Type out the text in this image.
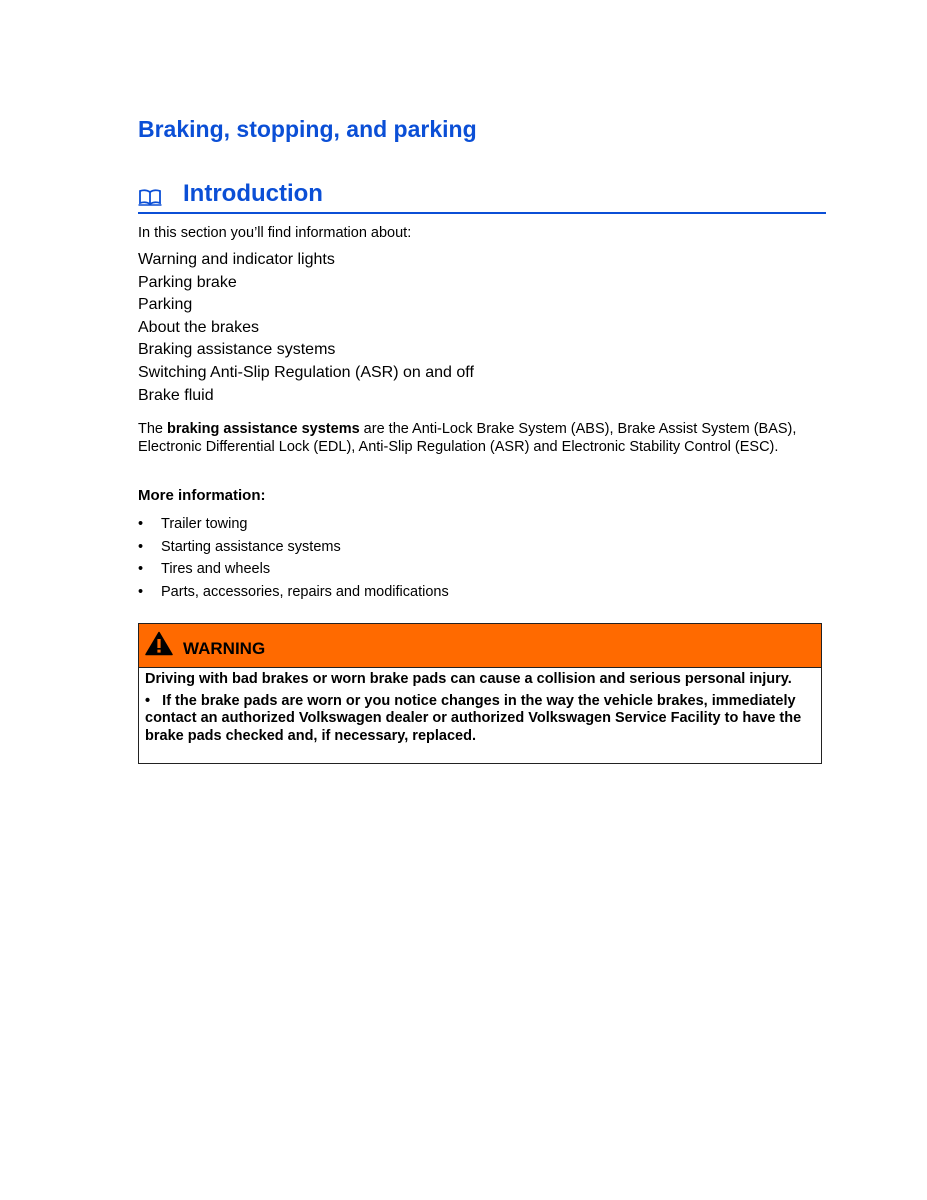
Braking, stopping, and parking
Introduction

In this section you’ll find information about:

Warning and indicator lights
Parking brake
Parking
About the brakes
Braking assistance systems
Switching Anti-Slip Regulation (ASR) on and off
Brake fluid

The braking assistance systems are the Anti-Lock Brake System (ABS), Brake Assist System (BAS), Electronic Differential Lock (EDL), Anti-Slip Regulation (ASR) and Electronic Stability Control (ESC).

More information:
• Trailer towing
• Starting assistance systems
• Tires and wheels
• Parts, accessories, repairs and modifications
WARNING

Driving with bad brakes or worn brake pads can cause a collision and serious personal injury.

• If the brake pads are worn or you notice changes in the way the vehicle brakes, immediately contact an authorized Volkswagen dealer or authorized Volkswagen Service Facility to have the brake pads checked and, if necessary, replaced.
